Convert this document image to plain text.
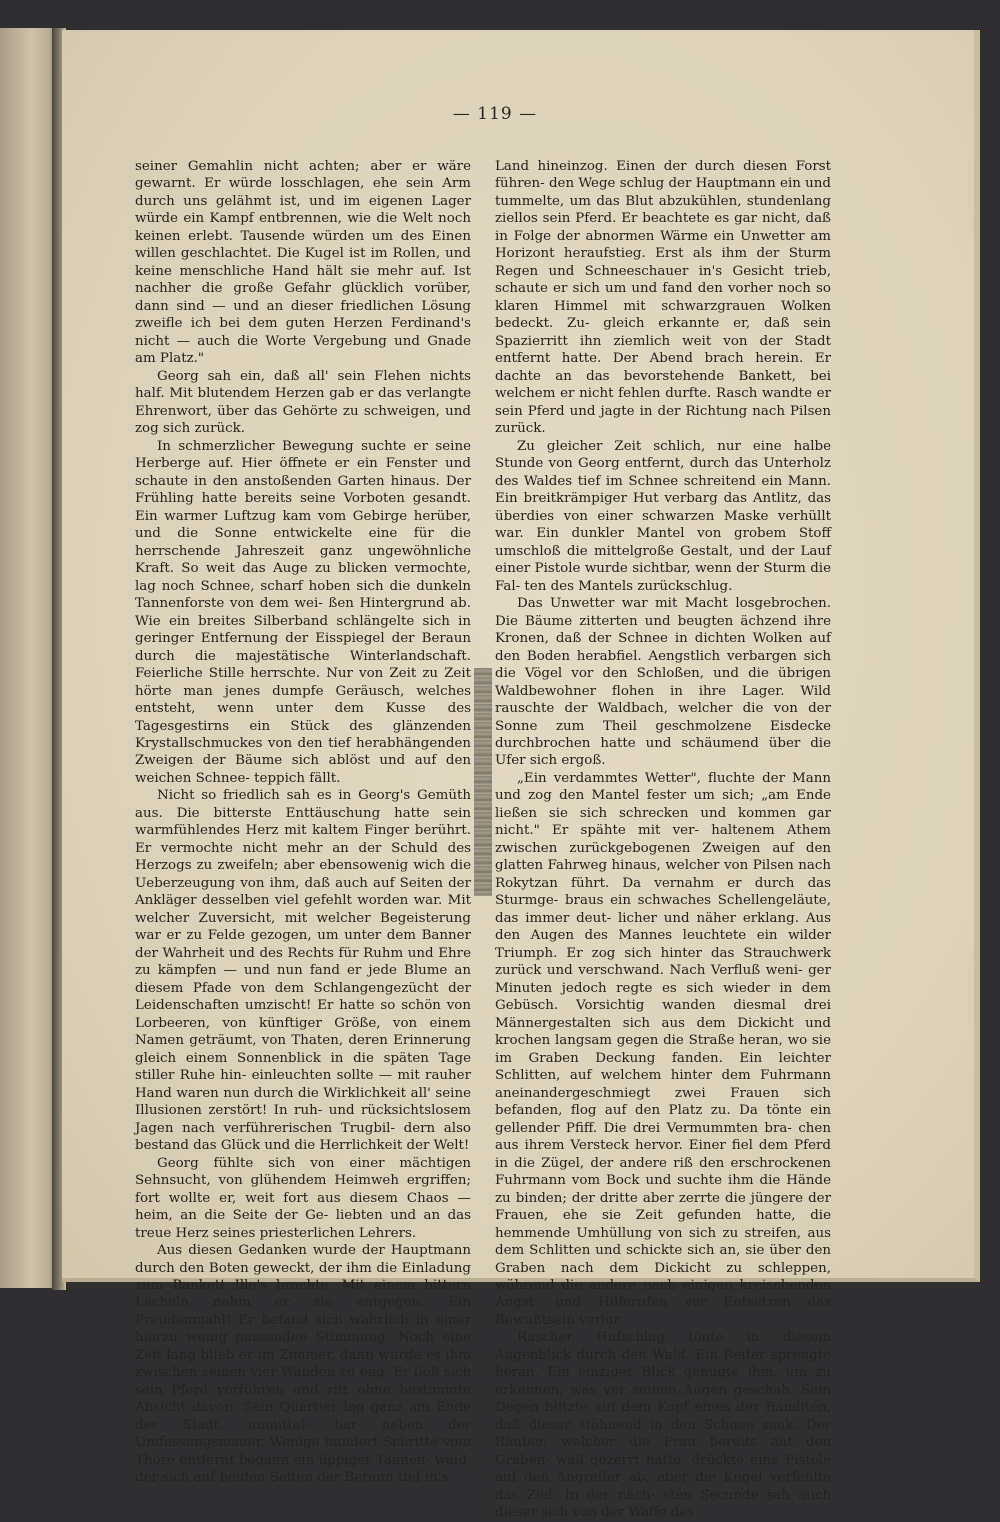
— 119 —

seiner Gemahlin nicht achten; aber er wäre gewarnt. Er würde losschlagen, ehe sein Arm durch uns gelähmt ist, und im eigenen Lager würde ein Kampf entbrennen, wie die Welt noch keinen erlebt. Tausende würden um des Einen willen geschlachtet. Die Kugel ist im Rollen, und keine menschliche Hand hält sie mehr auf. Ist nachher die große Gefahr glücklich vorüber, dann sind — und an dieser friedlichen Lösung zweifle ich bei dem guten Herzen Ferdinand's nicht — auch die Worte Vergebung und Gnade am Platz."

Georg sah ein, daß all' sein Flehen nichts half. Mit blutendem Herzen gab er das verlangte Ehrenwort, über das Gehörte zu schweigen, und zog sich zurück.

In schmerzlicher Bewegung suchte er seine Herberge auf. Hier öffnete er ein Fenster und schaute in den anstoßenden Garten hinaus. Der Frühling hatte bereits seine Vorboten gesandt. Ein warmer Luftzug kam vom Gebirge herüber, und die Sonne entwickelte eine für die herrschende Jahreszeit ganz ungewöhnliche Kraft. So weit das Auge zu blicken vermochte, lag noch Schnee, scharf hoben sich die dunkeln Tannenforste von dem wei- ßen Hintergrund ab. Wie ein breites Silberband schlängelte sich in geringer Entfernung der Eisspiegel der Beraun durch die majestätische Winterlandschaft. Feierliche Stille herrschte. Nur von Zeit zu Zeit hörte man jenes dumpfe Geräusch, welches entsteht, wenn unter dem Kusse des Tagesgestirns ein Stück des glänzenden Krystallschmuckes von den tief herabhängenden Zweigen der Bäume sich ablöst und auf den weichen Schnee- teppich fällt.

Nicht so friedlich sah es in Georg's Gemüth aus. Die bitterste Enttäuschung hatte sein warmfühlendes Herz mit kaltem Finger berührt. Er vermochte nicht mehr an der Schuld des Herzogs zu zweifeln; aber ebensowenig wich die Ueberzeugung von ihm, daß auch auf Seiten der Ankläger desselben viel gefehlt worden war. Mit welcher Zuversicht, mit welcher Begeisterung war er zu Felde gezogen, um unter dem Banner der Wahrheit und des Rechts für Ruhm und Ehre zu kämpfen — und nun fand er jede Blume an diesem Pfade von dem Schlangengezücht der Leidenschaften umzischt! Er hatte so schön von Lorbeeren, von künftiger Größe, von einem Namen geträumt, von Thaten, deren Erinnerung gleich einem Sonnenblick in die späten Tage stiller Ruhe hin- einleuchten sollte — mit rauher Hand waren nun durch die Wirklichkeit all' seine Illusionen zerstört! In ruh- und rücksichtslosem Jagen nach verführerischen Trugbil- dern also bestand das Glück und die Herrlichkeit der Welt!

Georg fühlte sich von einer mächtigen Sehnsucht, von glühendem Heimweh ergriffen; fort wollte er, weit fort aus diesem Chaos — heim, an die Seite der Ge- liebten und an das treue Herz seines priesterlichen Lehrers.

Aus diesen Gedanken wurde der Hauptmann durch den Boten geweckt, der ihm die Einladung zum Bankett Illo's brachte. Mit einem bittern Lächeln nahm er sie entgegen. Ein Freudenmahl! Er befand sich wahrlich in einer hierzu wenig passenden Stimmung. Noch eine Zeit lang blieb er im Zimmer, dann wurde es ihm zwischen seinen vier Wänden zu eng. Er ließ sich sein Pferd vorführen und ritt ohne bestimmte Absicht davon. Sein Quartier lag ganz am Ende der Stadt, unmittel- bar neben der Umfassungsmauer. Wenige hundert Schritte vom Thore entfernt begann ein üppiger Tannen- wald, der sich auf beiden Seiten der Beraun tief in's

Land hineinzog. Einen der durch diesen Forst führen- den Wege schlug der Hauptmann ein und tummelte, um das Blut abzukühlen, stundenlang ziellos sein Pferd. Er beachtete es gar nicht, daß in Folge der abnormen Wärme ein Unwetter am Horizont heraufstieg. Erst als ihm der Sturm Regen und Schneeschauer in's Gesicht trieb, schaute er sich um und fand den vorher noch so klaren Himmel mit schwarzgrauen Wolken bedeckt. Zu- gleich erkannte er, daß sein Spazierritt ihn ziemlich weit von der Stadt entfernt hatte. Der Abend brach herein. Er dachte an das bevorstehende Bankett, bei welchem er nicht fehlen durfte. Rasch wandte er sein Pferd und jagte in der Richtung nach Pilsen zurück.

Zu gleicher Zeit schlich, nur eine halbe Stunde von Georg entfernt, durch das Unterholz des Waldes tief im Schnee schreitend ein Mann. Ein breitkrämpiger Hut verbarg das Antlitz, das überdies von einer schwarzen Maske verhüllt war. Ein dunkler Mantel von grobem Stoff umschloß die mittelgroße Gestalt, und der Lauf einer Pistole wurde sichtbar, wenn der Sturm die Fal- ten des Mantels zurückschlug.

Das Unwetter war mit Macht losgebrochen. Die Bäume zitterten und beugten ächzend ihre Kronen, daß der Schnee in dichten Wolken auf den Boden herabfiel. Aengstlich verbargen sich die Vögel vor den Schloßen, und die übrigen Waldbewohner flohen in ihre Lager. Wild rauschte der Waldbach, welcher die von der Sonne zum Theil geschmolzene Eisdecke durchbrochen hatte und schäumend über die Ufer sich ergoß.

„Ein verdammtes Wetter", fluchte der Mann und zog den Mantel fester um sich; „am Ende ließen sie sich schrecken und kommen gar nicht." Er spähte mit ver- haltenem Athem zwischen zurückgebogenen Zweigen auf den glatten Fahrweg hinaus, welcher von Pilsen nach Rokytzan führt. Da vernahm er durch das Sturmge- braus ein schwaches Schellengeläute, das immer deut- licher und näher erklang. Aus den Augen des Mannes leuchtete ein wilder Triumph. Er zog sich hinter das Strauchwerk zurück und verschwand. Nach Verfluß weni- ger Minuten jedoch regte es sich wieder in dem Gebüsch. Vorsichtig wanden diesmal drei Männergestalten sich aus dem Dickicht und krochen langsam gegen die Straße heran, wo sie im Graben Deckung fanden. Ein leichter Schlitten, auf welchem hinter dem Fuhrmann aneinandergeschmiegt zwei Frauen sich befanden, flog auf den Platz zu. Da tönte ein gellender Pfiff. Die drei Vermummten bra- chen aus ihrem Versteck hervor. Einer fiel dem Pferd in die Zügel, der andere riß den erschrockenen Fuhrmann vom Bock und suchte ihm die Hände zu binden; der dritte aber zerrte die jüngere der Frauen, ehe sie Zeit gefunden hatte, die hemmende Umhüllung von sich zu streifen, aus dem Schlitten und schickte sich an, sie über den Graben nach dem Dickicht zu schleppen, während die andere nach einigen kreischenden Angst- und Hilferufen vor Entsetzen das Bewußtsein verlor.

Rascher Hufschlag tönte in diesem Augenblick durch den Wald. Ein Reiter sprengte heran. Ein einziger Blick genügte ihm, um zu erkennen, was vor seinen Augen geschah. Sein Degen blitzte auf dem Kopf eines der Banditen, daß dieser stöhnend in den Schnee sank. Der Räuber, welcher die Frau bereits auf den Graben- wall gezerrt hatte, drückte eine Pistole auf den Angreifer ab, aber die Kugel verfehlte das Ziel. In der näch- sten Secunde sah auch dieser sich von der Waffe des
